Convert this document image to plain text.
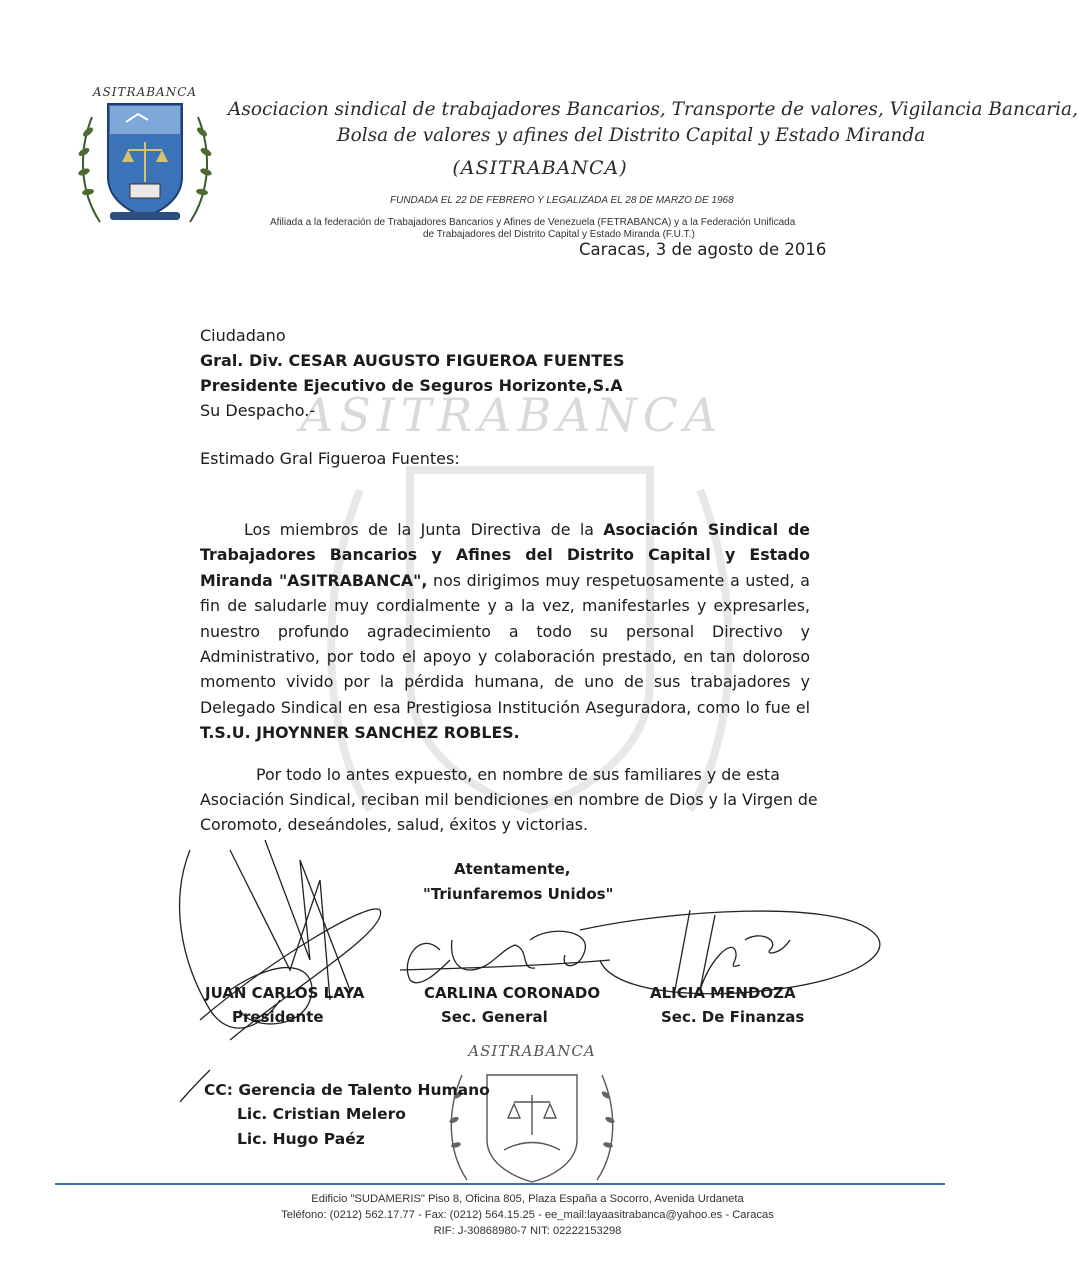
ASITRABANCA
Asociacion sindical de trabajadores Bancarios, Transporte de valores, Vigilancia Bancaria,
Bolsa de valores y afines del Distrito Capital y Estado Miranda
(ASITRABANCA)
FUNDADA EL 22 DE FEBRERO Y LEGALIZADA EL 28 DE MARZO DE 1968
Afiliada a la federación de Trabajadores Bancarios y Afines de Venezuela (FETRABANCA) y a la Federación Unificada
de Trabajadores del Distrito Capital y Estado Miranda (F.U.T.)
Caracas, 3 de agosto de 2016
ASITRABANCA
Ciudadano
Gral. Div. CESAR AUGUSTO FIGUEROA FUENTES
Presidente Ejecutivo de Seguros Horizonte,S.A
Su Despacho.-
Estimado Gral Figueroa Fuentes:
Los miembros de la Junta Directiva de la Asociación Sindical de Trabajadores Bancarios y Afines del Distrito Capital y Estado Miranda "ASITRABANCA", nos dirigimos muy respetuosamente a usted, a fin de saludarle muy cordialmente y a la vez, manifestarles y expresarles, nuestro profundo agradecimiento a todo su personal Directivo y Administrativo, por todo el apoyo y colaboración prestado, en tan doloroso momento vivido por la pérdida humana, de uno de sus trabajadores y Delegado Sindical en esa Prestigiosa Institución Aseguradora, como lo fue el T.S.U. JHOYNNER SANCHEZ ROBLES.
Por todo lo antes expuesto, en nombre de sus familiares y de esta Asociación Sindical, reciban mil bendiciones en nombre de Dios y la Virgen de Coromoto, deseándoles, salud, éxitos y victorias.
Atentamente,
"Triunfaremos Unidos"
JUAN CARLOS LAYA
Presidente
CARLINA CORONADO
Sec. General
ALICIA MENDOZA
Sec. De Finanzas
ASITRABANCA
CC: Gerencia de Talento Humano
Lic. Cristian Melero
Lic. Hugo Paéz
Edificio "SUDAMERIS" Piso 8, Oficina 805, Plaza España a Socorro, Avenida Urdaneta
Teléfono: (0212) 562.17.77 - Fax: (0212) 564.15.25 - ee_mail:layaasitrabanca@yahoo.es - Caracas
RIF: J-30868980-7 NIT: 02222153298
